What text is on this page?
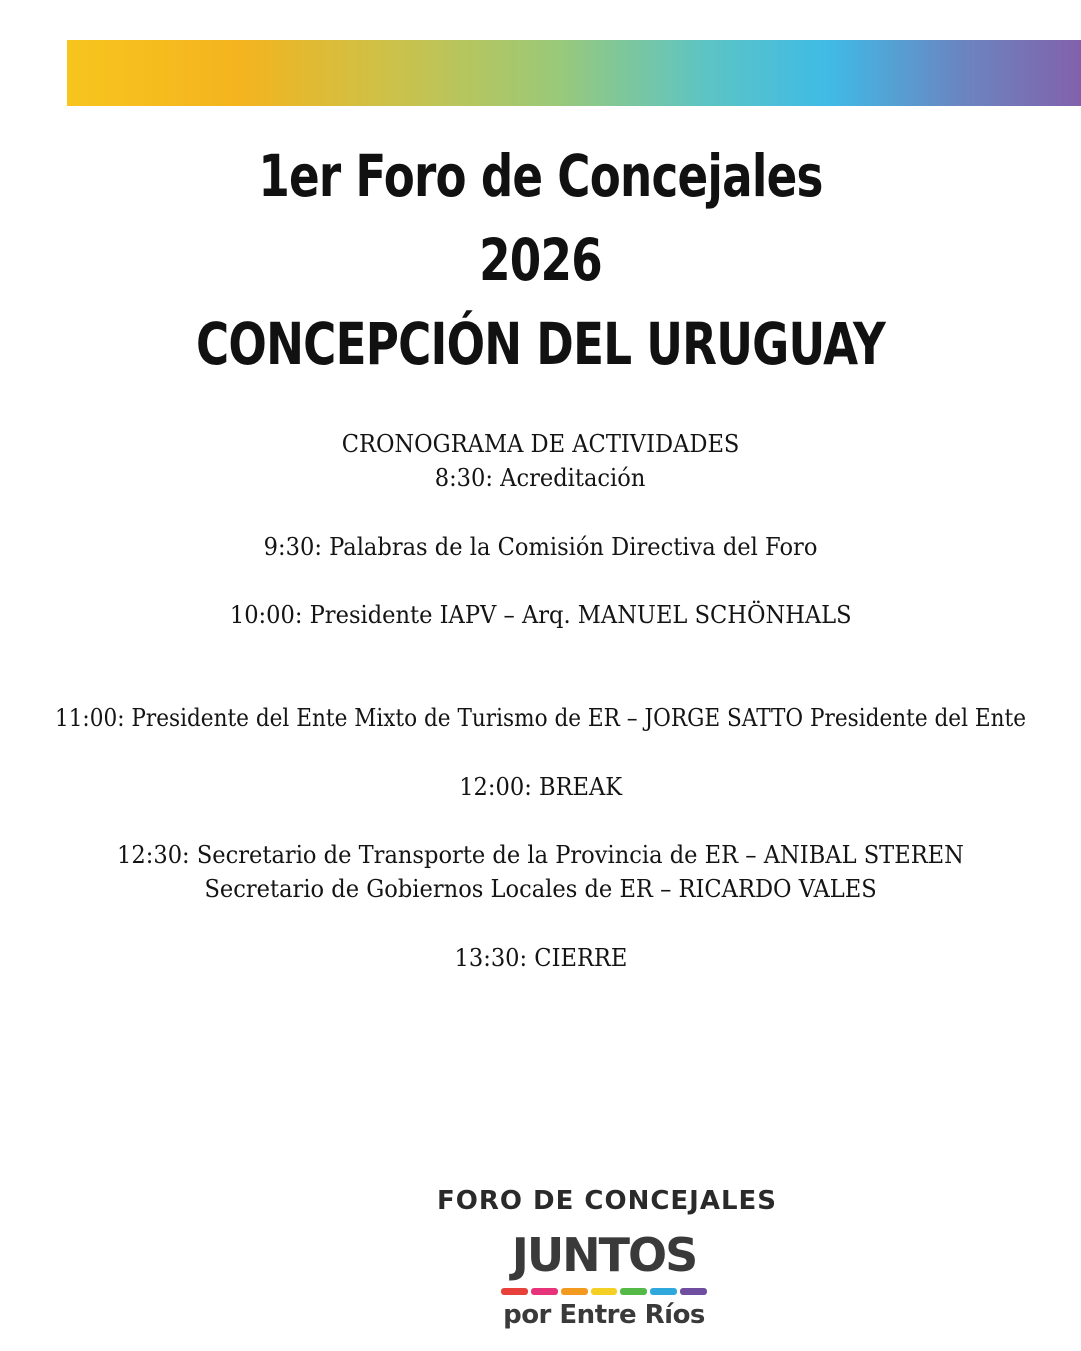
1er Foro de Concejales
2026
CONCEPCIÓN DEL URUGUAY
CRONOGRAMA DE ACTIVIDADES
8:30: Acreditación
9:30: Palabras de la Comisión Directiva del Foro
10:00: Presidente IAPV – Arq. MANUEL SCHÖNHALS
11:00: Presidente del Ente Mixto de Turismo de ER – JORGE SATTO Presidente del Ente
12:00: BREAK
12:30: Secretario de Transporte de la Provincia de ER – ANIBAL STEREN
Secretario de Gobiernos Locales de ER – RICARDO VALES
13:30: CIERRE
FORO DE CONCEJALES
JUNTOS
por Entre Ríos
